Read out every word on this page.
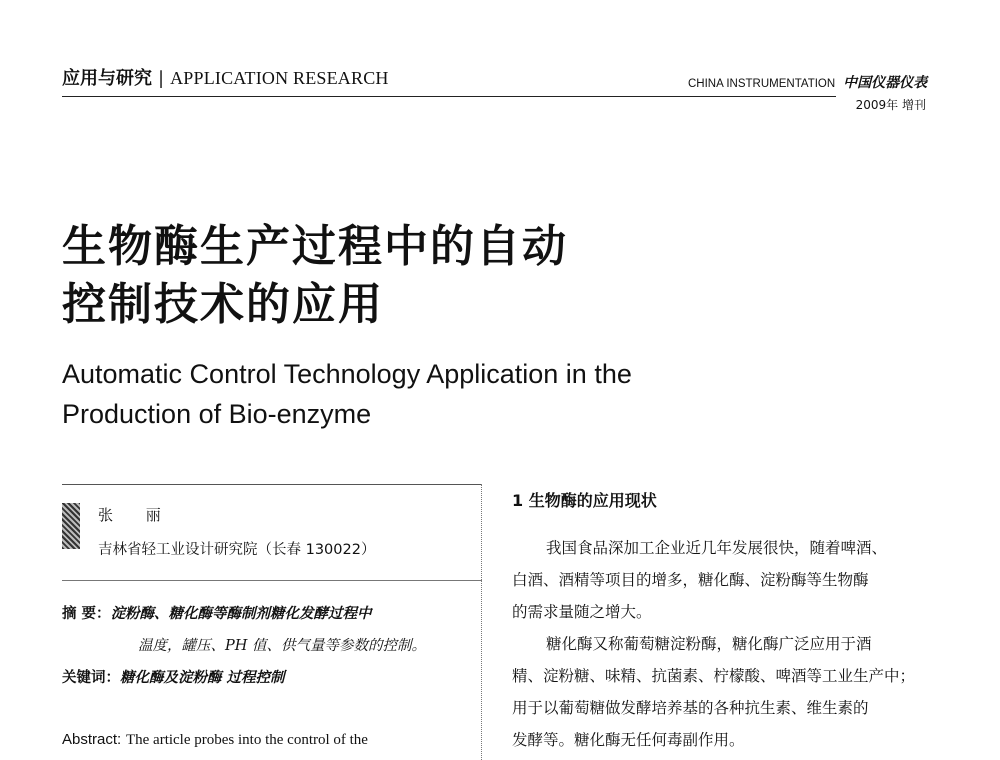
应用与研究 | APPLICATION RESEARCH	CHINA INSTRUMENTATION 中国仪器仪表
2009年 增刊
生物酶生产过程中的自动
控制技术的应用
Automatic Control Technology Application in the
Production of Bio-enzyme
张 丽
吉林省轻工业设计研究院（长春 130022）
摘 要：淀粉酶、糖化酶等酶制剂糖化发酵过程中
温度，罐压、PH 值、供气量等参数的控制。
关键词：糖化酶及淀粉酶 过程控制
Abstract: The article probes into the control of the
1 生物酶的应用现状
我国食品深加工企业近几年发展很快，随着啤酒、
白酒、酒精等项目的增多，糖化酶、淀粉酶等生物酶
的需求量随之增大。
糖化酶又称葡萄糖淀粉酶，糖化酶广泛应用于酒
精、淀粉糖、味精、抗菌素、柠檬酸、啤酒等工业生产中；
用于以葡萄糖做发酵培养基的各种抗生素、维生素的
发酵等。糖化酶无任何毒副作用。
